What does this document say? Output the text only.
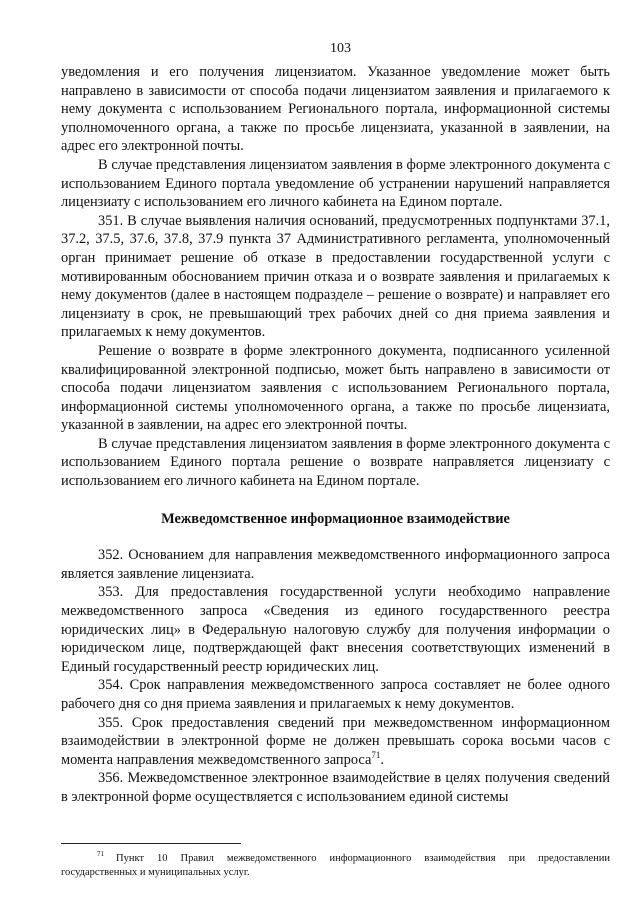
103

уведомления и его получения лицензиатом. Указанное уведомление может быть направлено в зависимости от способа подачи лицензиатом заявления и прилагаемого к нему документа с использованием Регионального портала, информационной системы уполномоченного органа, а также по просьбе лицензиата, указанной в заявлении, на адрес его электронной почты.

В случае представления лицензиатом заявления в форме электронного документа с использованием Единого портала уведомление об устранении нарушений направляется лицензиату с использованием его личного кабинета на Едином портале.

351. В случае выявления наличия оснований, предусмотренных подпунктами 37.1, 37.2, 37.5, 37.6, 37.8, 37.9 пункта 37 Административного регламента, уполномоченный орган принимает решение об отказе в предоставлении государственной услуги с мотивированным обоснованием причин отказа и о возврате заявления и прилагаемых к нему документов (далее в настоящем подразделе – решение о возврате) и направляет его лицензиату в срок, не превышающий трех рабочих дней со дня приема заявления и прилагаемых к нему документов.

Решение о возврате в форме электронного документа, подписанного усиленной квалифицированной электронной подписью, может быть направлено в зависимости от способа подачи лицензиатом заявления с использованием Регионального портала, информационной системы уполномоченного органа, а также по просьбе лицензиата, указанной в заявлении, на адрес его электронной почты.

В случае представления лицензиатом заявления в форме электронного документа с использованием Единого портала решение о возврате направляется лицензиату с использованием его личного кабинета на Едином портале.

Межведомственное информационное взаимодействие

352. Основанием для направления межведомственного информационного запроса является заявление лицензиата.

353. Для предоставления государственной услуги необходимо направление межведомственного запроса «Сведения из единого государственного реестра юридических лиц» в Федеральную налоговую службу для получения информации о юридическом лице, подтверждающей факт внесения соответствующих изменений в Единый государственный реестр юридических лиц.

354. Срок направления межведомственного запроса составляет не более одного рабочего дня со дня приема заявления и прилагаемых к нему документов.

355. Срок предоставления сведений при межведомственном информационном взаимодействии в электронной форме не должен превышать сорока восьми часов с момента направления межведомственного запроса$^{71}$.

356. Межведомственное электронное взаимодействие в целях получения сведений в электронной форме осуществляется с использованием единой системы

$^{71}$ Пункт 10 Правил межведомственного информационного взаимодействия при предоставлении государственных и муниципальных услуг.
